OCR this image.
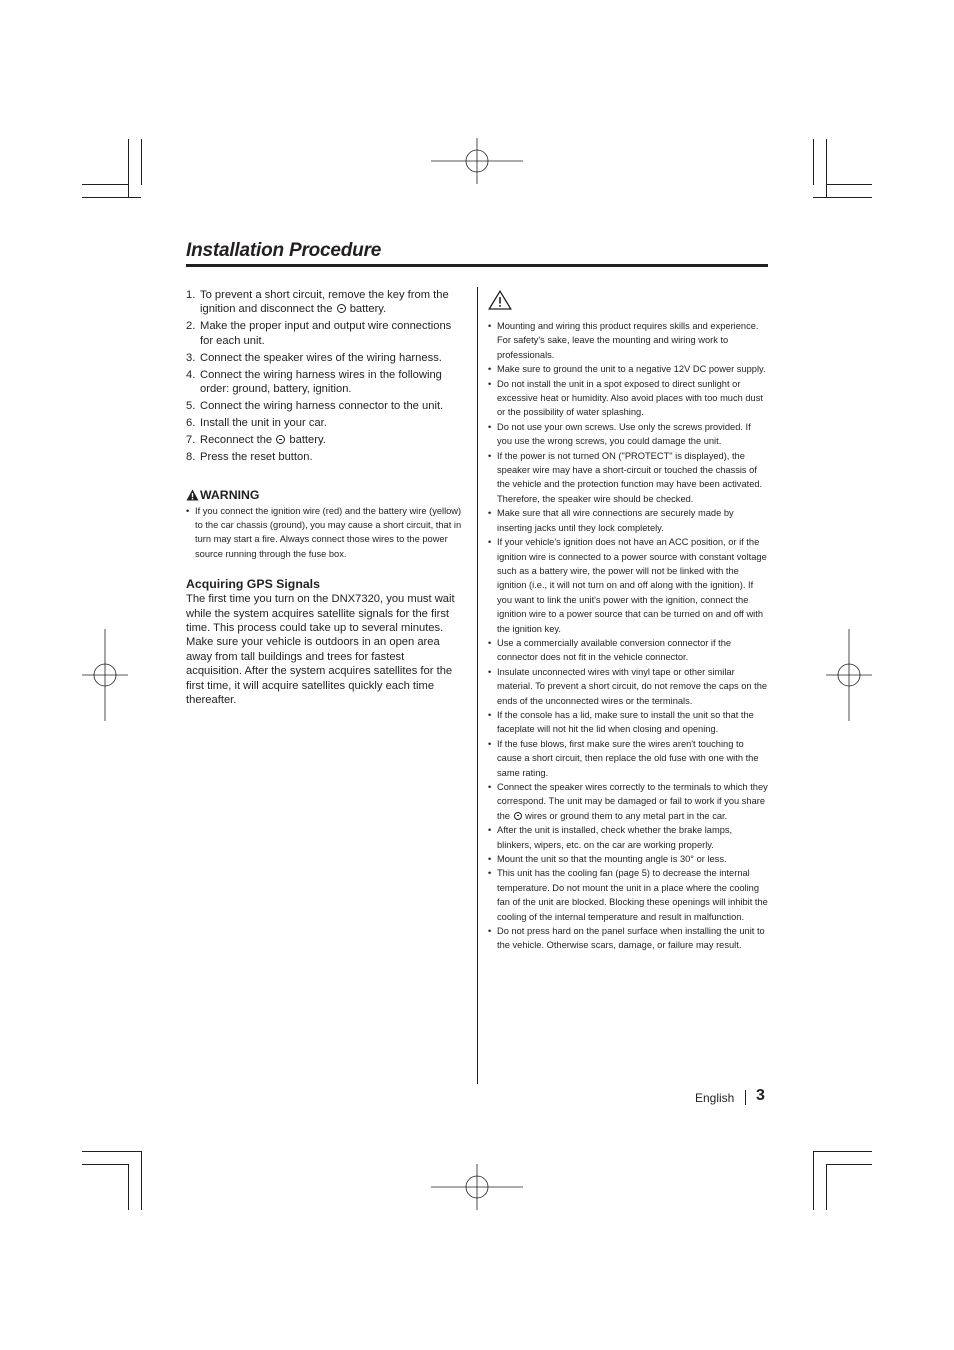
Installation Procedure
1. To prevent a short circuit, remove the key from the ignition and disconnect the battery.
2. Make the proper input and output wire connections for each unit.
3. Connect the speaker wires of the wiring harness.
4. Connect the wiring harness wires in the following order: ground, battery, ignition.
5. Connect the wiring harness connector to the unit.
6. Install the unit in your car.
7. Reconnect the battery.
8. Press the reset button.
WARNING
• If you connect the ignition wire (red) and the battery wire (yellow) to the car chassis (ground), you may cause a short circuit, that in turn may start a fire. Always connect those wires to the power source running through the fuse box.
Acquiring GPS Signals

The first time you turn on the DNX7320, you must wait while the system acquires satellite signals for the first time. This process could take up to several minutes. Make sure your vehicle is outdoors in an open area away from tall buildings and trees for fastest acquisition. After the system acquires satellites for the first time, it will acquire satellites quickly each time thereafter.

• Mounting and wiring this product requires skills and experience. For safety's sake, leave the mounting and wiring work to professionals.
• Make sure to ground the unit to a negative 12V DC power supply.
• Do not install the unit in a spot exposed to direct sunlight or excessive heat or humidity. Also avoid places with too much dust or the possibility of water splashing.
• Do not use your own screws. Use only the screws provided. If you use the wrong screws, you could damage the unit.
• If the power is not turned ON ("PROTECT" is displayed), the speaker wire may have a short-circuit or touched the chassis of the vehicle and the protection function may have been activated. Therefore, the speaker wire should be checked.
• Make sure that all wire connections are securely made by inserting jacks until they lock completely.
• If your vehicle's ignition does not have an ACC position, or if the ignition wire is connected to a power source with constant voltage such as a battery wire, the power will not be linked with the ignition (i.e., it will not turn on and off along with the ignition). If you want to link the unit's power with the ignition, connect the ignition wire to a power source that can be turned on and off with the ignition key.
• Use a commercially available conversion connector if the connector does not fit in the vehicle connector.
• Insulate unconnected wires with vinyl tape or other similar material. To prevent a short circuit, do not remove the caps on the ends of the unconnected wires or the terminals.
• If the console has a lid, make sure to install the unit so that the faceplate will not hit the lid when closing and opening.
• If the fuse blows, first make sure the wires aren't touching to cause a short circuit, then replace the old fuse with one with the same rating.
• Connect the speaker wires correctly to the terminals to which they correspond. The unit may be damaged or fail to work if you share the wires or ground them to any metal part in the car.
• After the unit is installed, check whether the brake lamps, blinkers, wipers, etc. on the car are working properly.
• Mount the unit so that the mounting angle is 30° or less.
• This unit has the cooling fan (page 5) to decrease the internal temperature. Do not mount the unit in a place where the cooling fan of the unit are blocked. Blocking these openings will inhibit the cooling of the internal temperature and result in malfunction.
• Do not press hard on the panel surface when installing the unit to the vehicle. Otherwise scars, damage, or failure may result.
English 3
